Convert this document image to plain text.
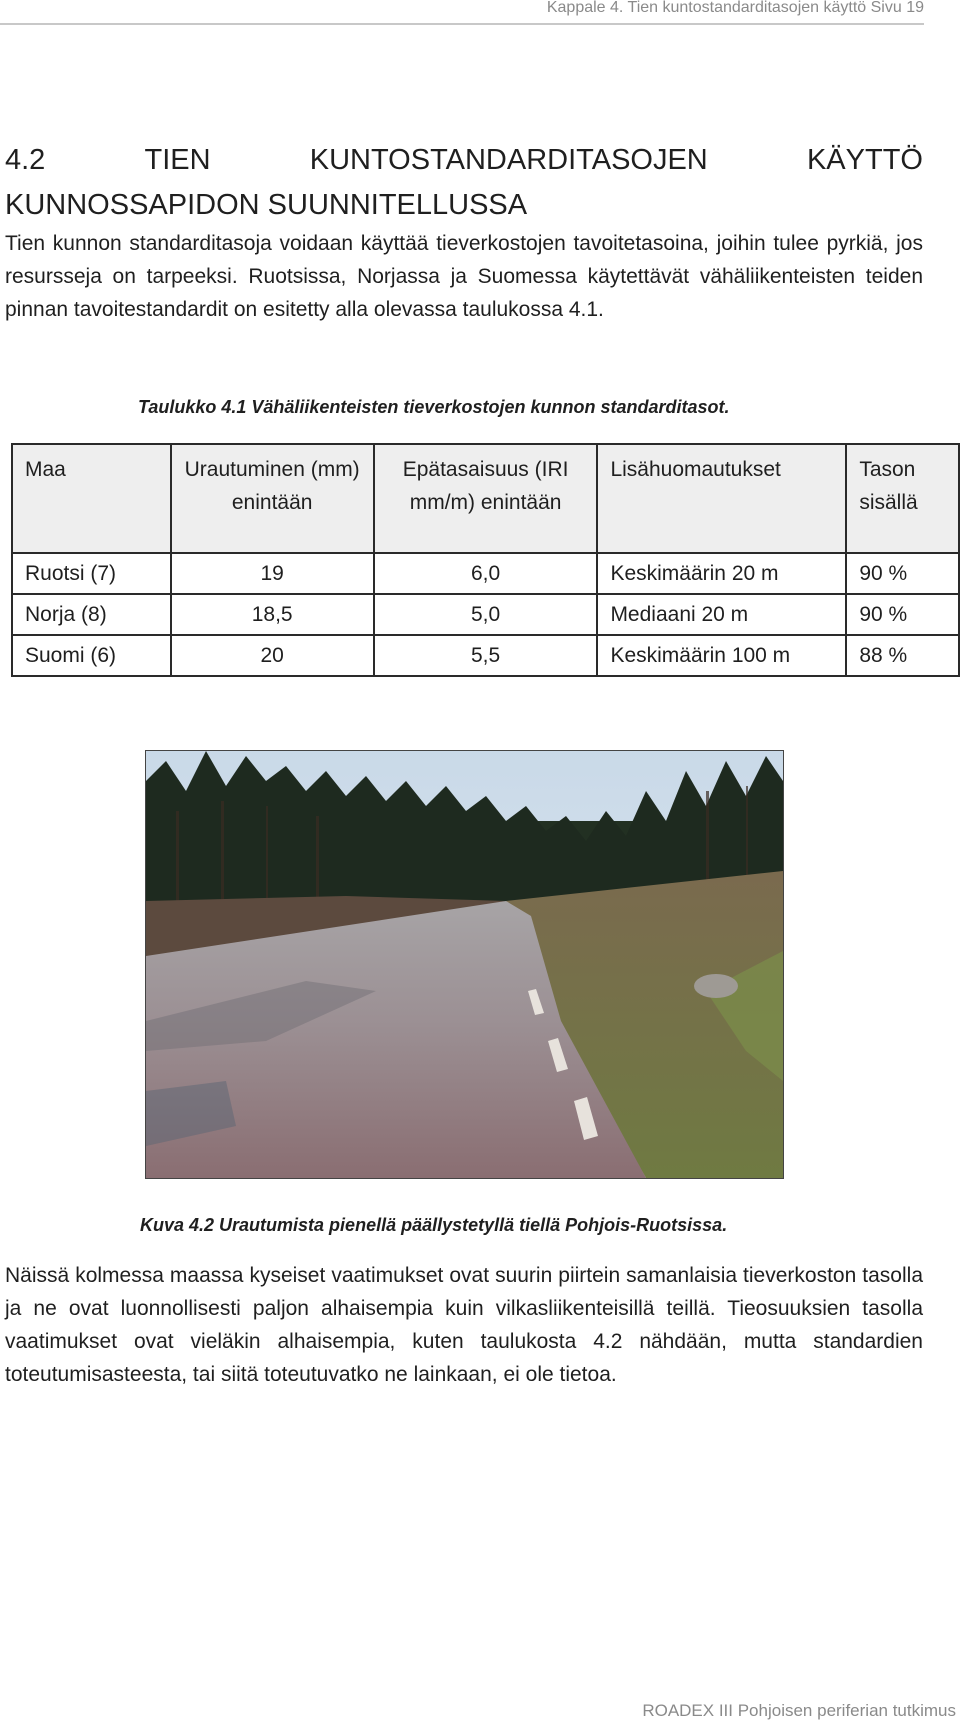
Kappale 4. Tien kuntostandarditasojen käyttö Sivu 19
4.2	TIEN	KUNTOSTANDARDITASOJEN	KÄYTTÖ
KUNNOSSAPIDON SUUNNITELLUSSA

Tien kunnon standarditasoja voidaan käyttää tieverkostojen tavoitetasoina, joihin tulee pyrkiä, jos resursseja on tarpeeksi. Ruotsissa, Norjassa ja Suomessa käytettävät vähäliikenteisten teiden pinnan tavoitestandardit on esitetty alla olevassa taulukossa 4.1.

Taulukko 4.1 Vähäliikenteisten tieverkostojen kunnon standarditasot.

Maa	Urautuminen (mm) enintään	Epätasaisuus (IRI mm/m) enintään	Lisähuomautukset	Tason sisällä
Ruotsi (7)	19	6,0	Keskimäärin 20 m	90 %
Norja (8)	18,5	5,0	Mediaani 20 m	90 %
Suomi (6)	20	5,5	Keskimäärin 100 m	88 %

Kuva 4.2 Urautumista pienellä päällystetyllä tiellä Pohjois-Ruotsissa.

Näissä kolmessa maassa kyseiset vaatimukset ovat suurin piirtein samanlaisia tieverkoston tasolla ja ne ovat luonnollisesti paljon alhaisempia kuin vilkasliikenteisillä teillä. Tieosuuksien tasolla vaatimukset ovat vieläkin alhaisempia, kuten taulukosta 4.2 nähdään, mutta standardien toteutumisasteesta, tai siitä toteutuvatko ne lainkaan, ei ole tietoa.

ROADEX III Pohjoisen periferian tutkimus
